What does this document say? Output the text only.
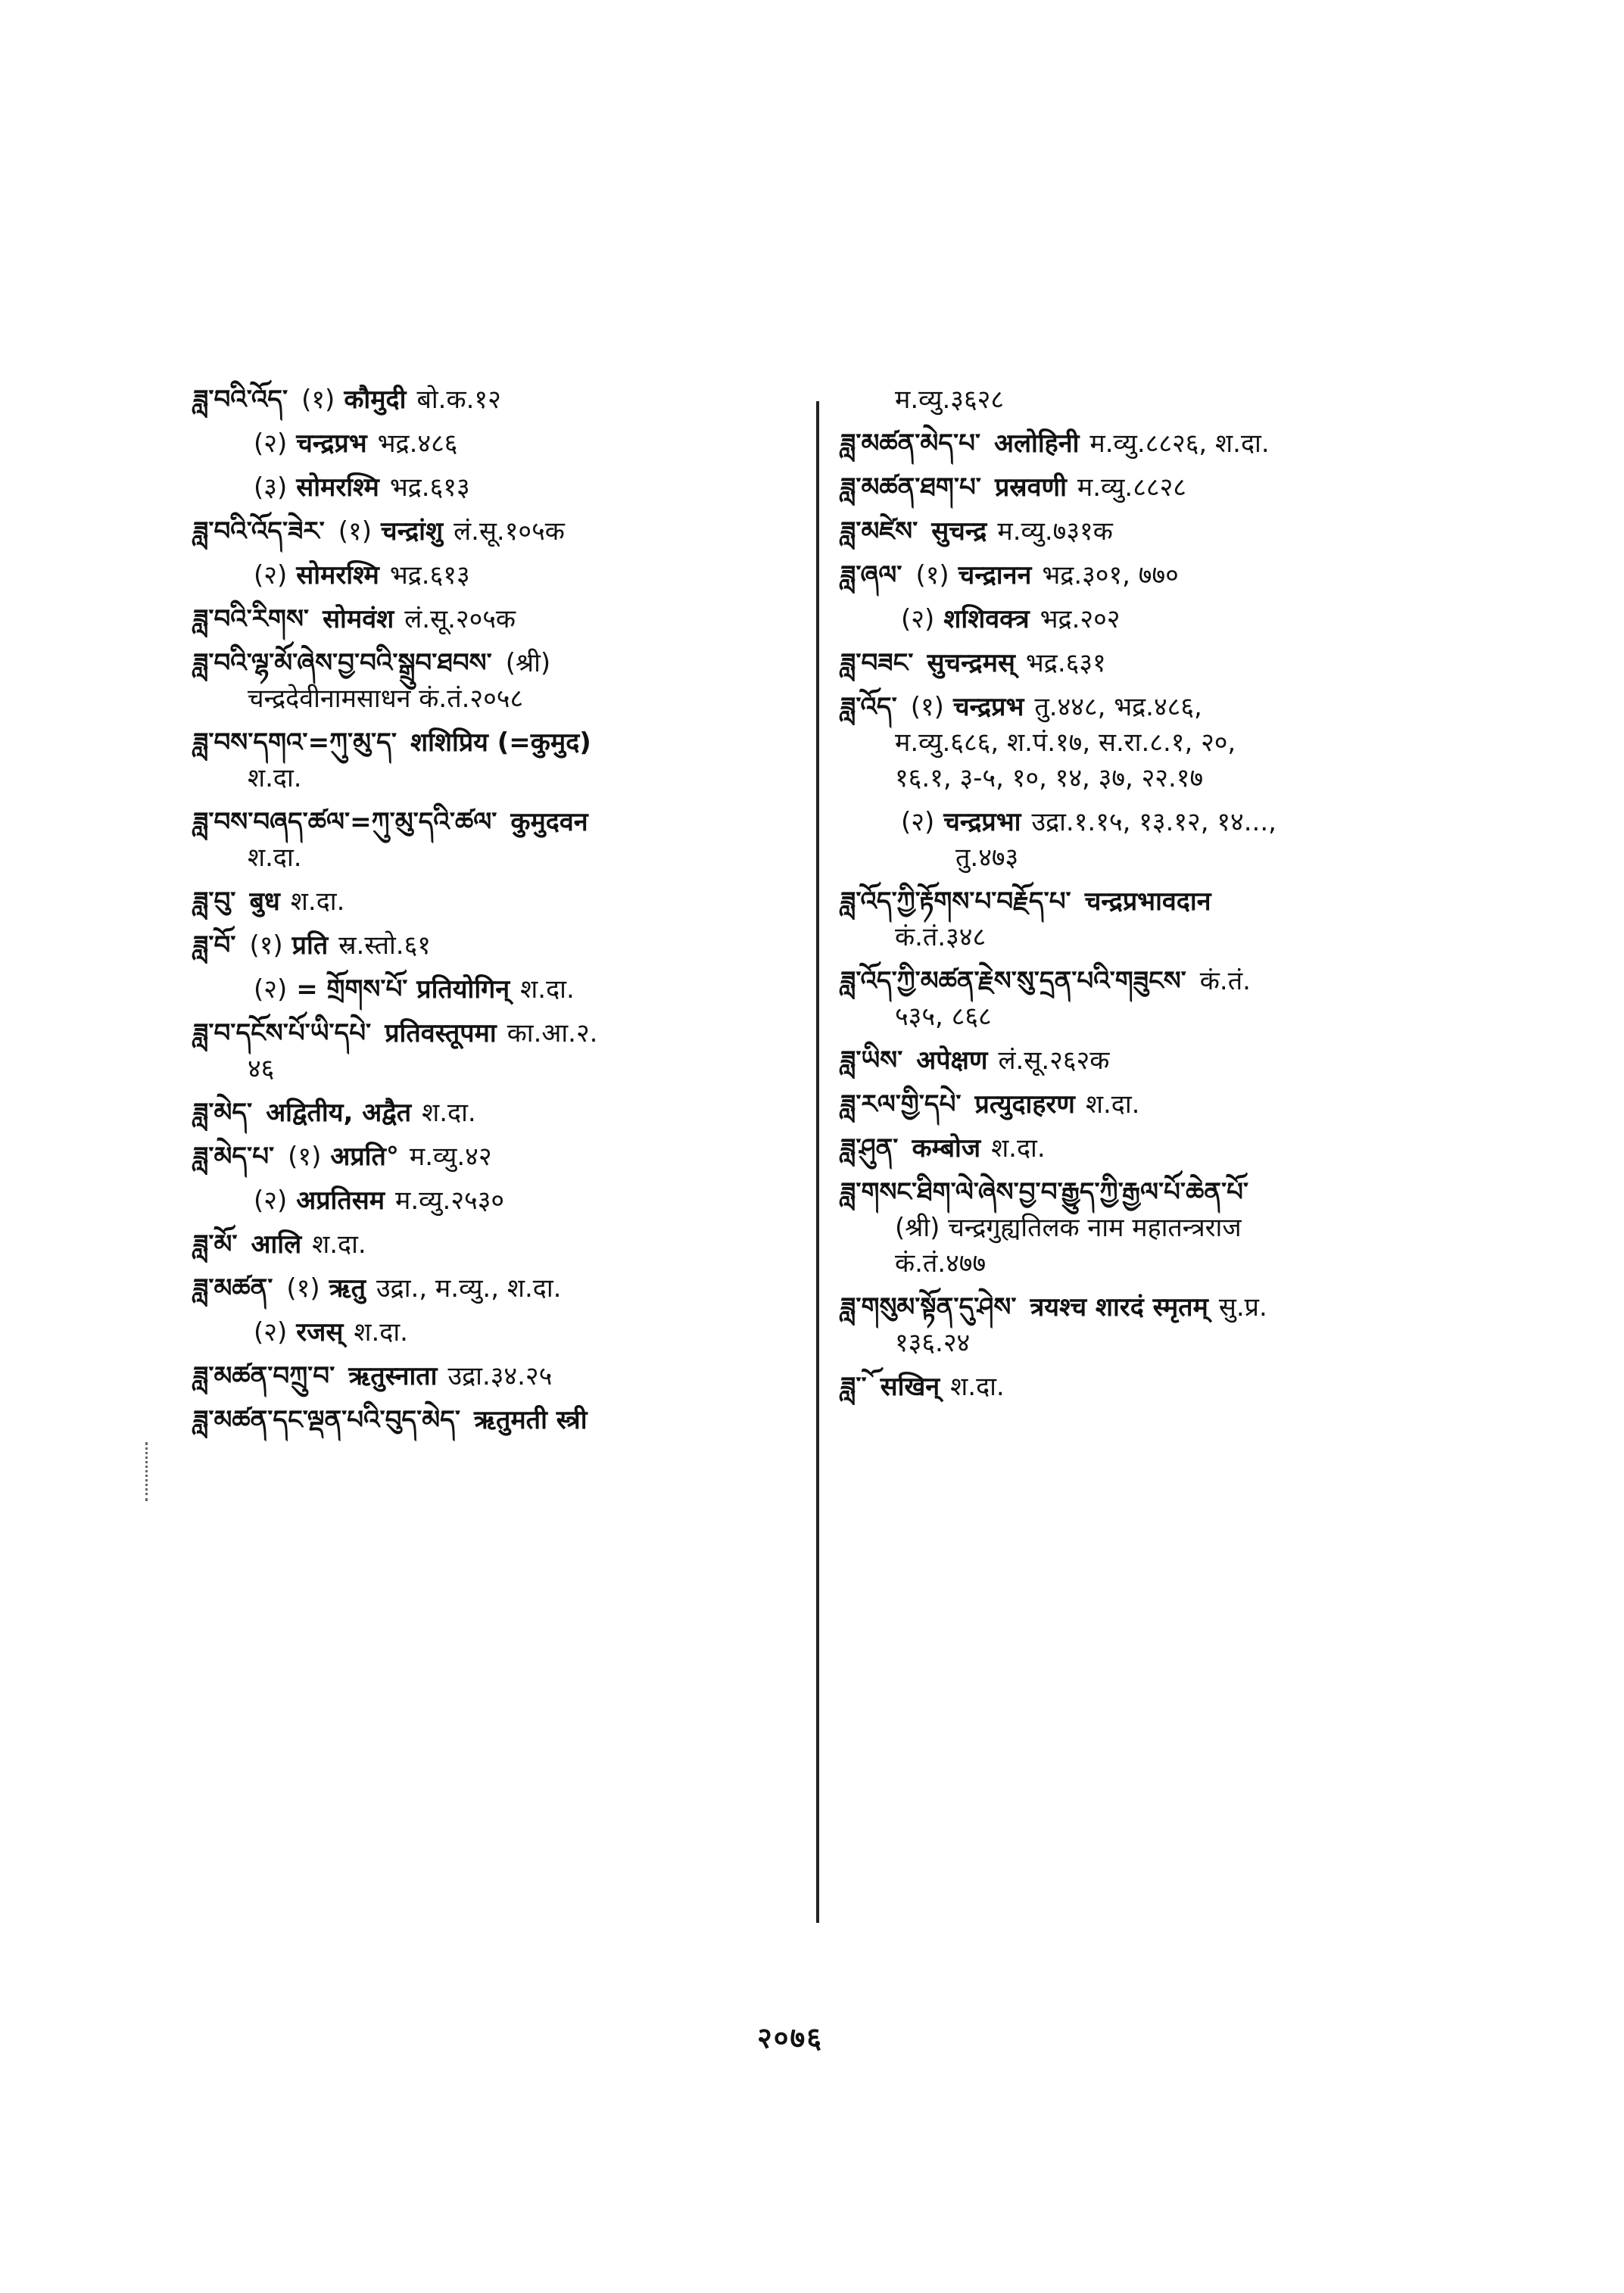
ཟླ་བའི་འོད་ (१) कौमुदी बो.क.१२
(२) चन्द्रप्रभ भद्र.४८६
(३) सोमरश्मि भद्र.६१३
ཟླ་བའི་འོད་ཟེར་ (१) चन्द्रांशु लं.सू.१०५क
(२) सोमरश्मि भद्र.६१३
ཟླ་བའི་རིགས་ सोमवंश लं.सू.२०५क
ཟླ་བའི་ལྷ་མོ་ཞེས་བྱ་བའི་སྒྲུབ་ཐབས་ (श्री)
चन्द्रदेवीनामसाधन कं.तं.२०५८
ཟླ་བས་དགའ་=ཀུ་མུ་ད་ शशिप्रिय (=कुमुद)
श.दा.
ཟླ་བས་བཞད་ཚལ་=ཀུ་མུ་དའི་ཚལ་ कुमुदवन
श.दा.
ཟླ་བུ་ बुध श.दा.
ཟླ་བོ་ (१) प्रति स्र.स्तो.६१
(२) = གྲོགས་པོ་ प्रतियोगिन् श.दा.
ཟླ་བ་དངོས་པོ་ཡི་དཔེ་ प्रतिवस्तूपमा का.आ.२.
४६
ཟླ་མེད་ अद्वितीय, अद्वैत श.दा.
ཟླ་མེད་པ་ (१) अप्रति° म.व्यु.४२
(२) अप्रतिसम म.व्यु.२५३०
ཟླ་མོ་ आलि श.दा.
ཟླ་མཚན་ (१) ऋतु उद्रा., म.व्यु., श.दा.
(२) रजस् श.दा.
ཟླ་མཚན་བཀྲུ་བ་ ऋतुस्नाता उद्रा.३४.२५
ཟླ་མཚན་དང་ལྡན་པའི་བུད་མེད་ ऋतुमती स्त्री
म.व्यु.३६२८
ཟླ་མཚན་མེད་པ་ अलोहिनी म.व्यु.८८२६, श.दा.
ཟླ་མཚན་ཐག་པ་ प्रस्रवणी म.व्यु.८८२८
ཟླ་མཛེས་ सुचन्द्र म.व्यु.७३१क
ཟླ་ཞལ་ (१) चन्द्रानन भद्र.३०१, ७७०
(२) शशिवक्त्र भद्र.२०२
ཟླ་བཟང་ सुचन्द्रमस् भद्र.६३१
ཟླ་འོད་ (१) चन्द्रप्रभ तु.४४८, भद्र.४८६,
म.व्यु.६८६, श.पं.१७, स.रा.८.१, २०,
१६.१, ३-५, १०, १४, ३७, २२.१७
(२) चन्द्रप्रभा उद्रा.१.१५, १३.१२, १४...,
तु.४७३
ཟླ་འོད་ཀྱི་རྟོགས་པ་བརྗོད་པ་ चन्द्रप्रभावदान
कं.तं.३४८
ཟླ་འོད་ཀྱི་མཚན་རྗེས་སུ་དྲན་པའི་གཟུངས་ कं.तं.
५३५, ८६८
ཟླ་ཡིས་ अपेक्षण लं.सू.२६२क
ཟླ་རལ་གྱི་དཔེ་ प्रत्युदाहरण श.दा.
ཟླ་ཤུན་ कम्बोज श.दा.
ཟླ་གསང་ཐིག་ལེ་ཞེས་བྱ་བ་རྒྱུད་ཀྱི་རྒྱལ་པོ་ཆེན་པོ་
(श्री) चन्द्रगुह्यतिलक नाम महातन्त्रराज
कं.तं.४७७
ཟླ་གསུམ་སྟོན་དུ་ཤེས་ त्रयश्च शारदं स्मृतम् सु.प्र.
१३६.२४
ཟླ་ོ་ सखिन् श.दा.
२०७६
